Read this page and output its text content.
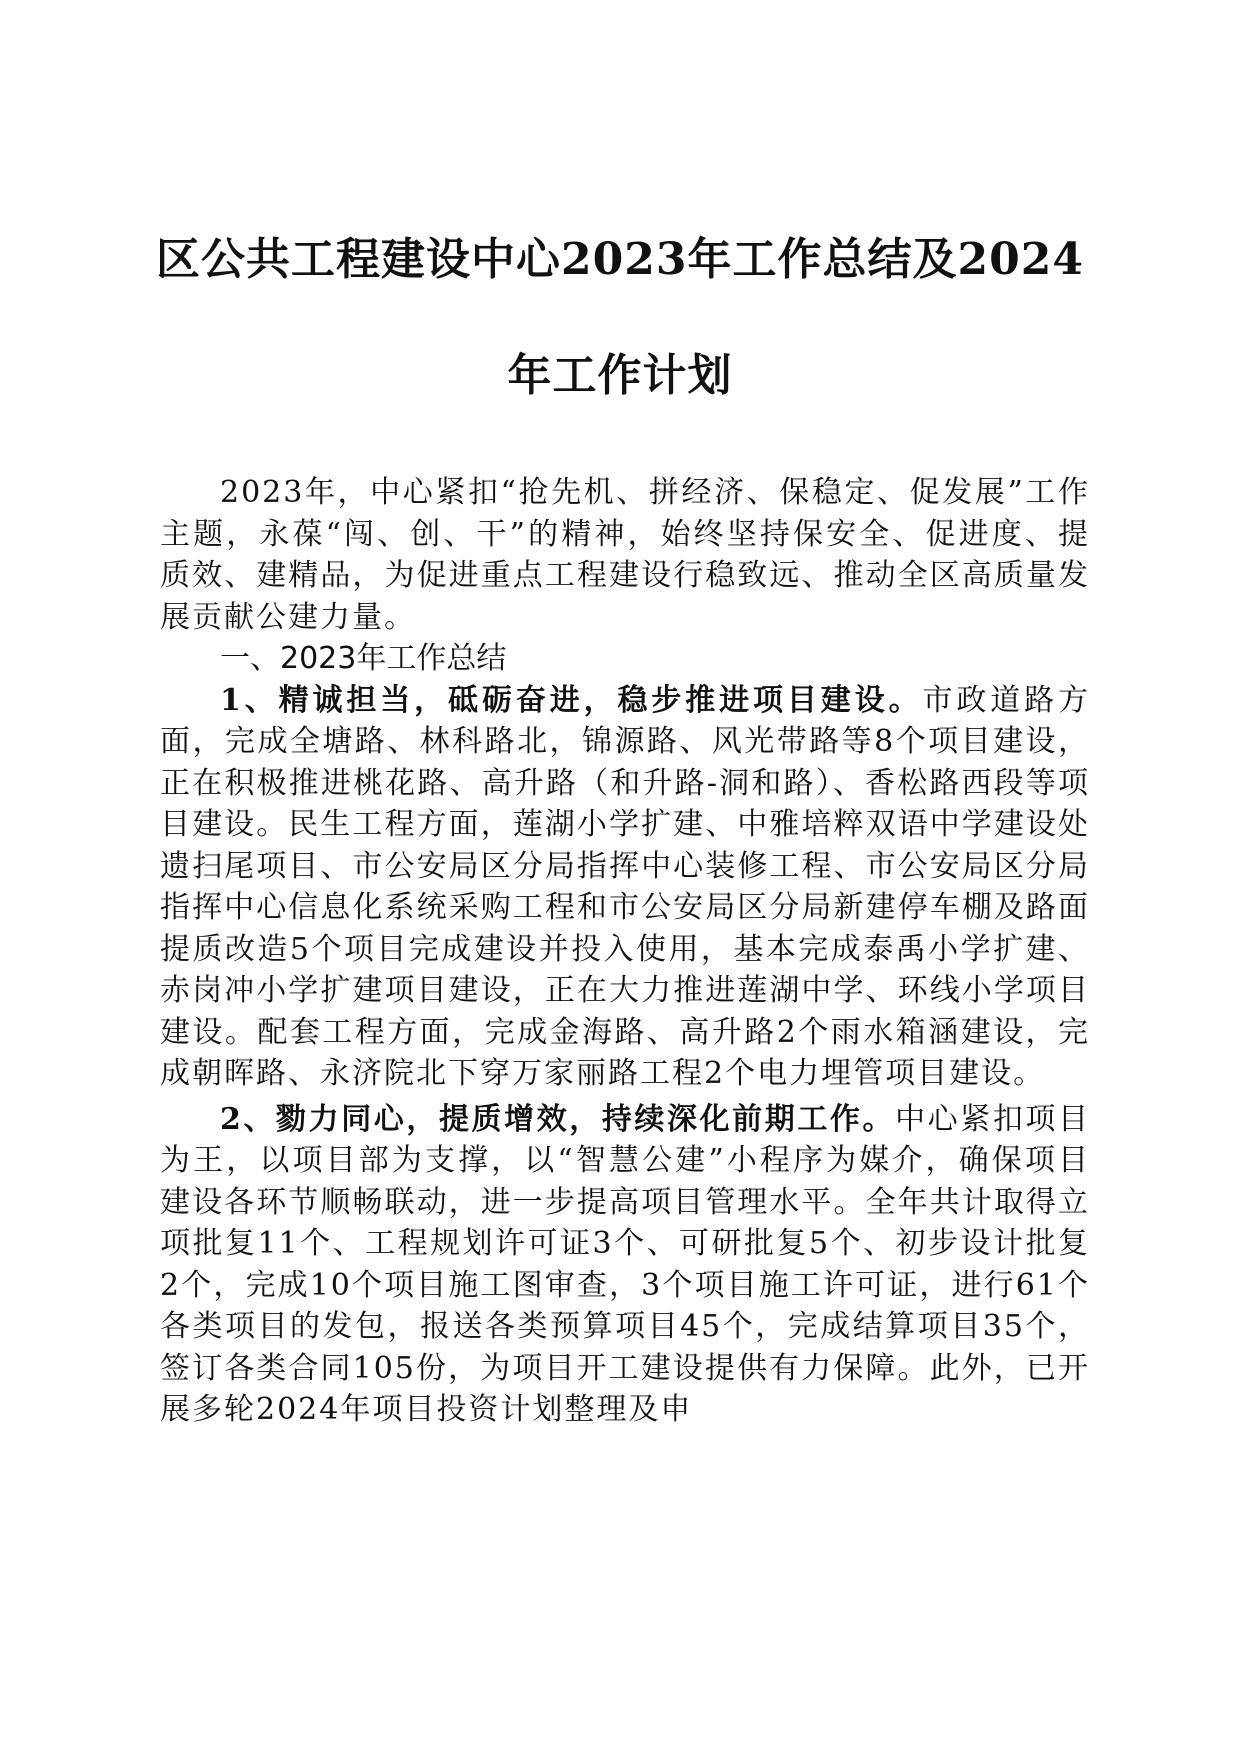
区公共工程建设中心2023年工作总结及2024
年工作计划

2023年，中心紧扣“抢先机、拼经济、保稳定、促发展”工作主题，永葆“闯、创、干”的精神，始终坚持保安全、促进度、提质效、建精品，为促进重点工程建设行稳致远、推动全区高质量发展贡献公建力量。

一、2023年工作总结

1、精诚担当，砥砺奋进，稳步推进项目建设。市政道路方面，完成全塘路、林科路北，锦源路、风光带路等8个项目建设，正在积极推进桃花路、高升路（和升路-洞和路）、香松路西段等项目建设。民生工程方面，莲湖小学扩建、中雅培粹双语中学建设处遗扫尾项目、市公安局区分局指挥中心装修工程、市公安局区分局指挥中心信息化系统采购工程和市公安局区分局新建停车棚及路面提质改造5个项目完成建设并投入使用，基本完成泰禹小学扩建、赤岗冲小学扩建项目建设，正在大力推进莲湖中学、环线小学项目建设。配套工程方面，完成金海路、高升路2个雨水箱涵建设，完成朝晖路、永济院北下穿万家丽路工程2个电力埋管项目建设。

2、勠力同心，提质增效，持续深化前期工作。中心紧扣项目为王，以项目部为支撑，以“智慧公建”小程序为媒介，确保项目建设各环节顺畅联动，进一步提高项目管理水平。全年共计取得立项批复11个、工程规划许可证3个、可研批复5个、初步设计批复2个，完成10个项目施工图审查，3个项目施工许可证，进行61个各类项目的发包，报送各类预算项目45个，完成结算项目35个，签订各类合同105份，为项目开工建设提供有力保障。此外，已开展多轮2024年项目投资计划整理及申
